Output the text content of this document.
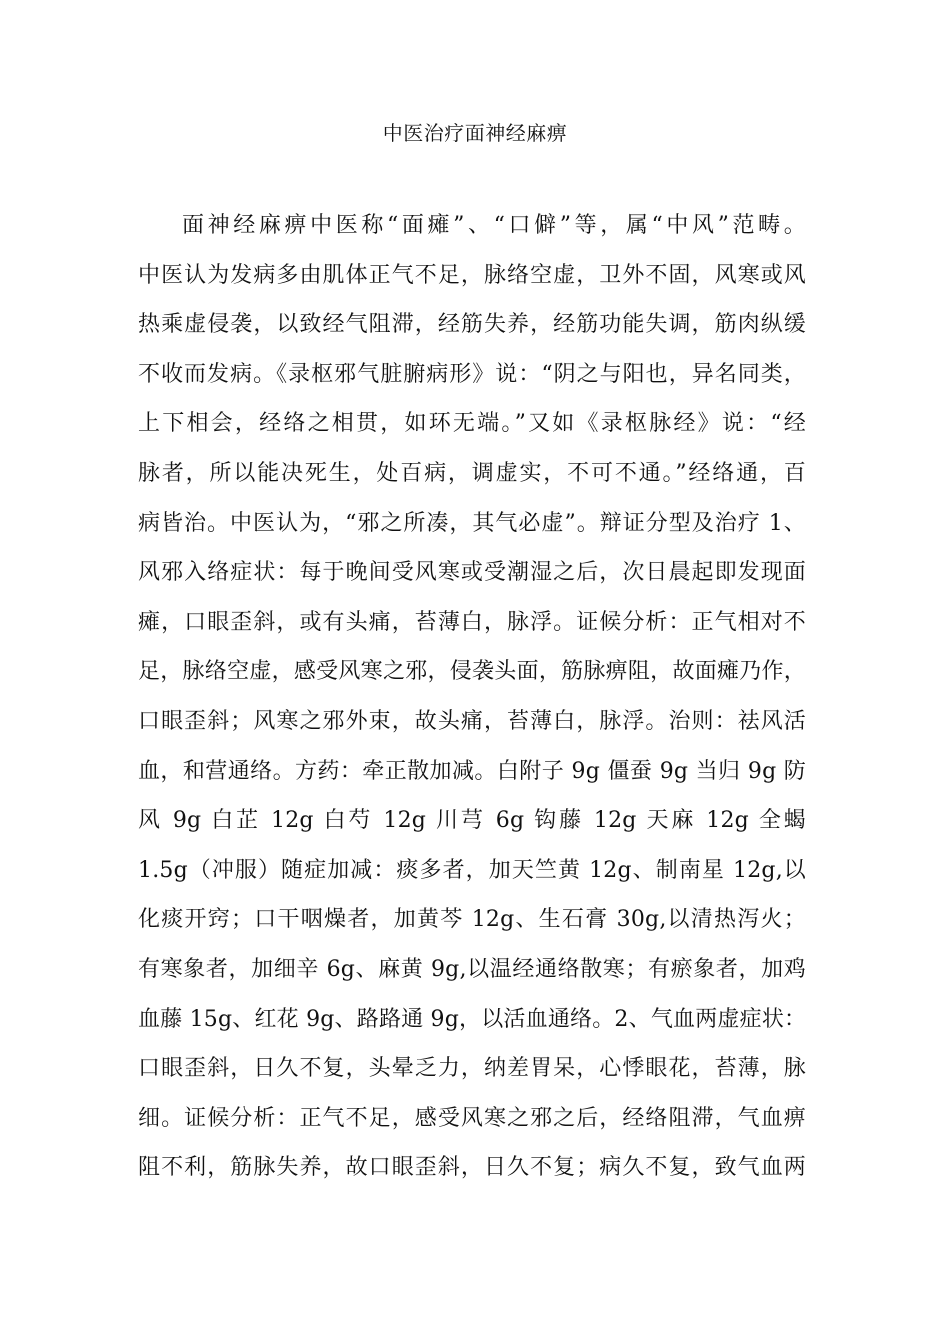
中医治疗面神经麻痹
面神经麻痹中医称“面瘫”、“口僻”等，属“中风”范畴。
中医认为发病多由肌体正气不足，脉络空虚，卫外不固，风寒或风
热乘虚侵袭，以致经气阻滞，经筋失养，经筋功能失调，筋肉纵缓
不收而发病。《录枢邪气脏腑病形》说：“阴之与阳也，异名同类，
上下相会，经络之相贯，如环无端。”又如《录枢脉经》说：“经
脉者，所以能决死生，处百病，调虚实，不可不通。”经络通，百
病皆治。中医认为，“邪之所凑，其气必虚”。辩证分型及治疗 1、
风邪入络症状：每于晚间受风寒或受潮湿之后，次日晨起即发现面
瘫，口眼歪斜，或有头痛，苔薄白，脉浮。证候分析：正气相对不
足，脉络空虚，感受风寒之邪，侵袭头面，筋脉痹阻，故面瘫乃作，
口眼歪斜；风寒之邪外束，故头痛，苔薄白，脉浮。治则：祛风活
血，和营通络。方药：牵正散加减。白附子 9g 僵蚕 9g 当归 9g 防
风 9g 白芷 12g 白芍 12g 川芎 6g 钩藤 12g 天麻 12g 全蝎
1.5g（冲服）随症加减：痰多者，加天竺黄 12g、制南星 12g,以
化痰开窍；口干咽燥者，加黄芩 12g、生石膏 30g,以清热泻火；
有寒象者，加细辛 6g、麻黄 9g,以温经通络散寒；有瘀象者，加鸡
血藤 15g、红花 9g、路路通 9g，以活血通络。2、气血两虚症状：
口眼歪斜，日久不复，头晕乏力，纳差胃呆，心悸眼花，苔薄，脉
细。证候分析：正气不足，感受风寒之邪之后，经络阻滞，气血痹
阻不利，筋脉失养，故口眼歪斜，日久不复；病久不复，致气血两
